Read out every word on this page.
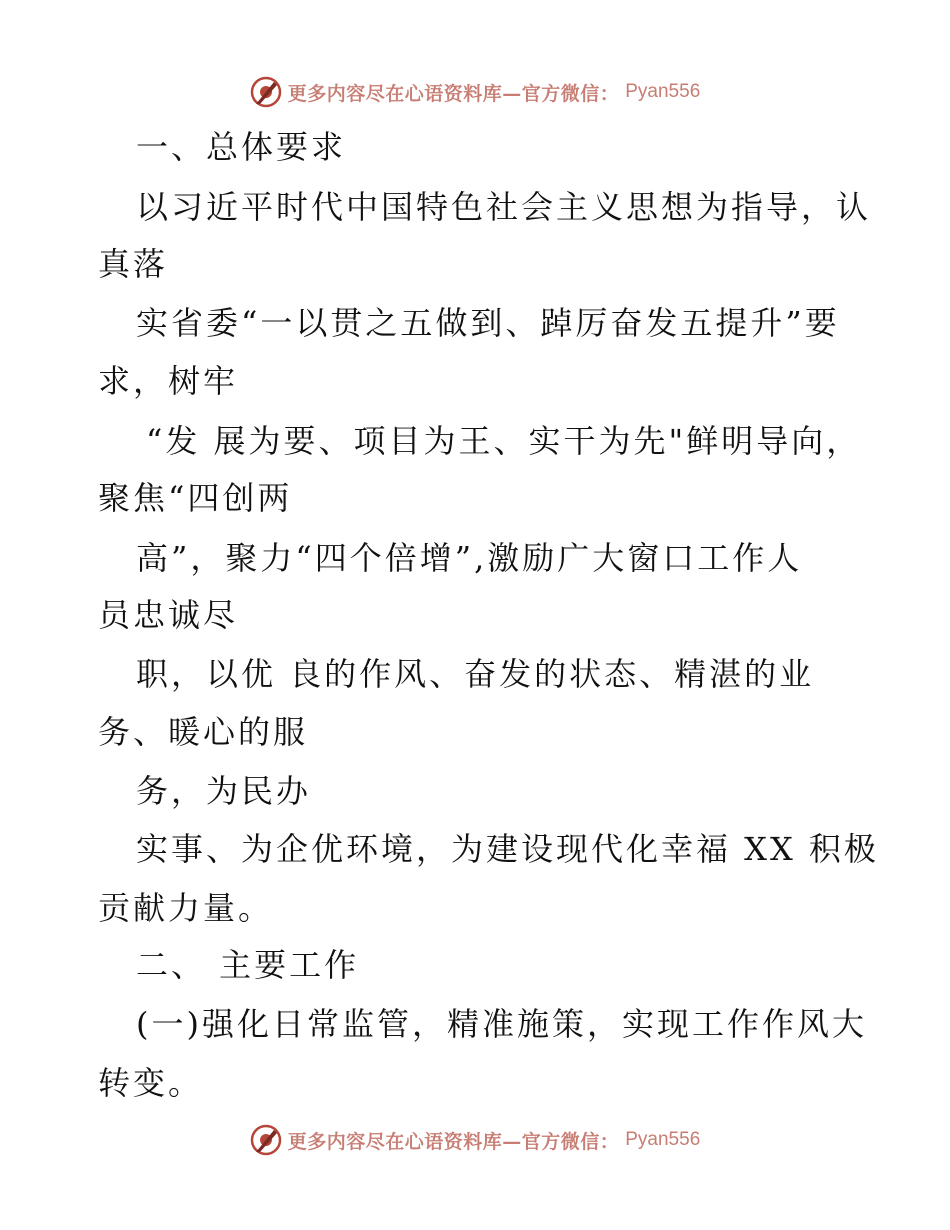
更多内容尽在心语资料库—官方微信： Pyan556
一、总体要求
以习近平时代中国特色社会主义思想为指导，认
真落
实省委“一以贯之五做到、踔厉奋发五提升”要
求，树牢
“发 展为要、项目为王、实干为先"鲜明导向，
聚焦“四创两
高”，聚力“四个倍增”,激励广大窗口工作人
员忠诚尽
职，以优 良的作风、奋发的状态、精湛的业
务、暖心的服
务，为民办
实事、为企优环境，为建设现代化幸福 XX 积极
贡献力量。
二、 主要工作
(一)强化日常监管，精准施策，实现工作作风大
转变。
更多内容尽在心语资料库—官方微信： Pyan556
